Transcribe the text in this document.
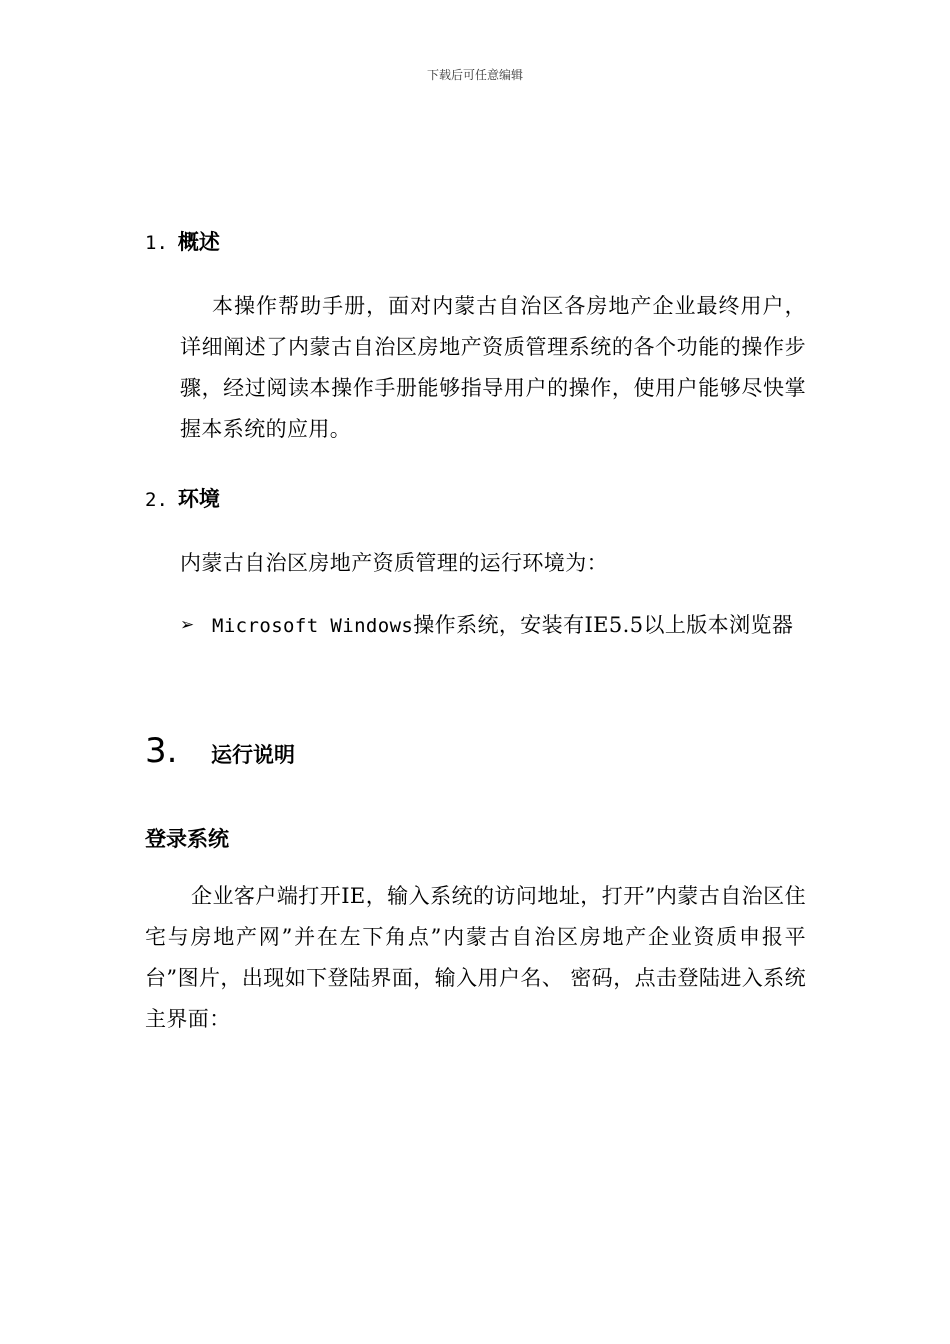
下载后可任意编辑
1. 概述
本操作帮助手册，面对内蒙古自治区各房地产企业最终用户，详细阐述了内蒙古自治区房地产资质管理系统的各个功能的操作步骤，经过阅读本操作手册能够指导用户的操作，使用户能够尽快掌握本系统的应用。
2. 环境
内蒙古自治区房地产资质管理的运行环境为：
➢ Microsoft Windows操作系统，安装有IE5.5以上版本浏览器
3. 运行说明
登录系统
企业客户端打开IE，输入系统的访问地址，打开”内蒙古自治区住宅与房地产网”并在左下角点”内蒙古自治区房地产企业资质申报平台”图片，出现如下登陆界面，输入用户名、 密码，点击登陆进入系统主界面：
